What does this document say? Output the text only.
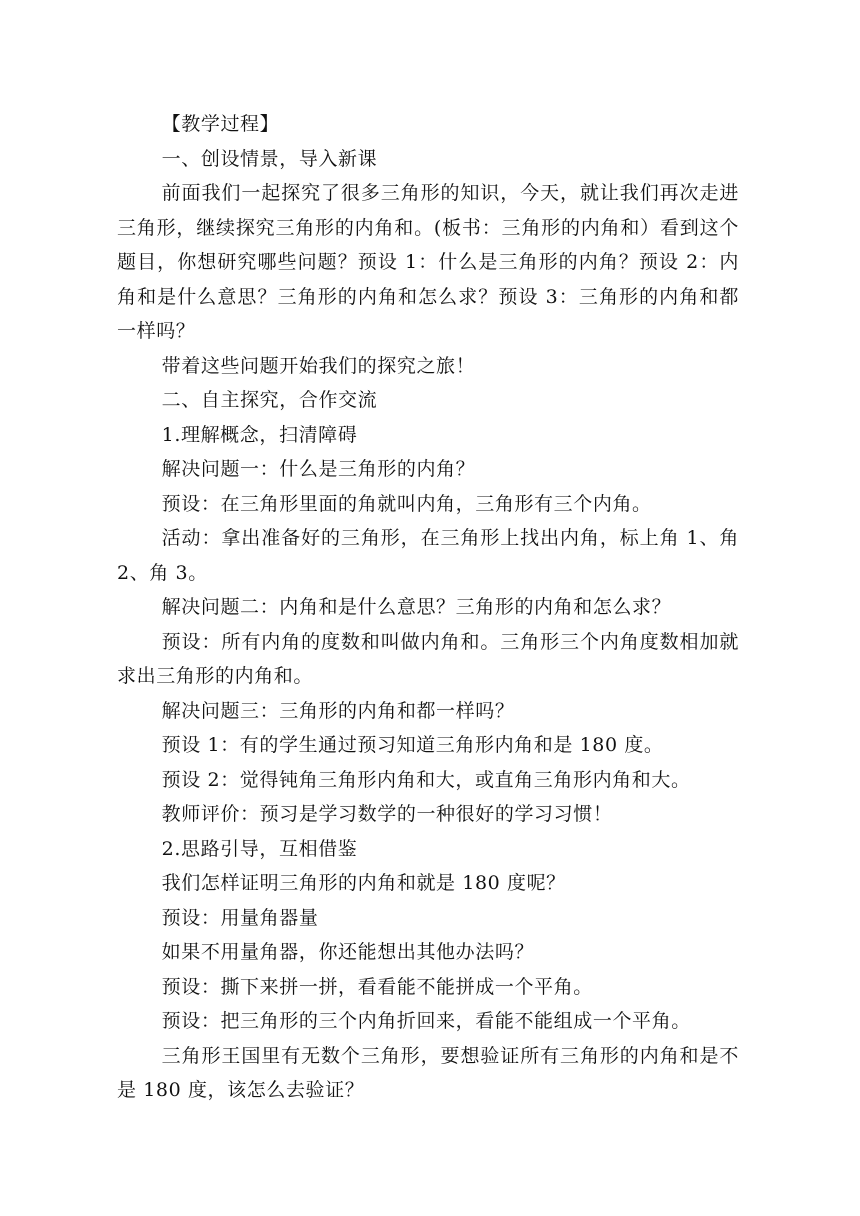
【教学过程】

一、创设情景，导入新课

前面我们一起探究了很多三角形的知识，今天，就让我们再次走进三角形，继续探究三角形的内角和。(板书：三角形的内角和）看到这个题目，你想研究哪些问题？预设 1：什么是三角形的内角？预设 2：内角和是什么意思？三角形的内角和怎么求？预设 3：三角形的内角和都一样吗？

带着这些问题开始我们的探究之旅！

二、自主探究，合作交流

1.理解概念，扫清障碍

解决问题一：什么是三角形的内角？

预设：在三角形里面的角就叫内角，三角形有三个内角。

活动：拿出准备好的三角形，在三角形上找出内角，标上角 1、角 2、角 3。

解决问题二：内角和是什么意思？三角形的内角和怎么求？

预设：所有内角的度数和叫做内角和。三角形三个内角度数相加就求出三角形的内角和。

解决问题三：三角形的内角和都一样吗？

预设 1：有的学生通过预习知道三角形内角和是 180 度。

预设 2：觉得钝角三角形内角和大，或直角三角形内角和大。

教师评价：预习是学习数学的一种很好的学习习惯！

2.思路引导，互相借鉴

我们怎样证明三角形的内角和就是 180 度呢？

预设：用量角器量

如果不用量角器，你还能想出其他办法吗？

预设：撕下来拼一拼，看看能不能拼成一个平角。

预设：把三角形的三个内角折回来，看能不能组成一个平角。

三角形王国里有无数个三角形，要想验证所有三角形的内角和是不是 180 度，该怎么去验证？
